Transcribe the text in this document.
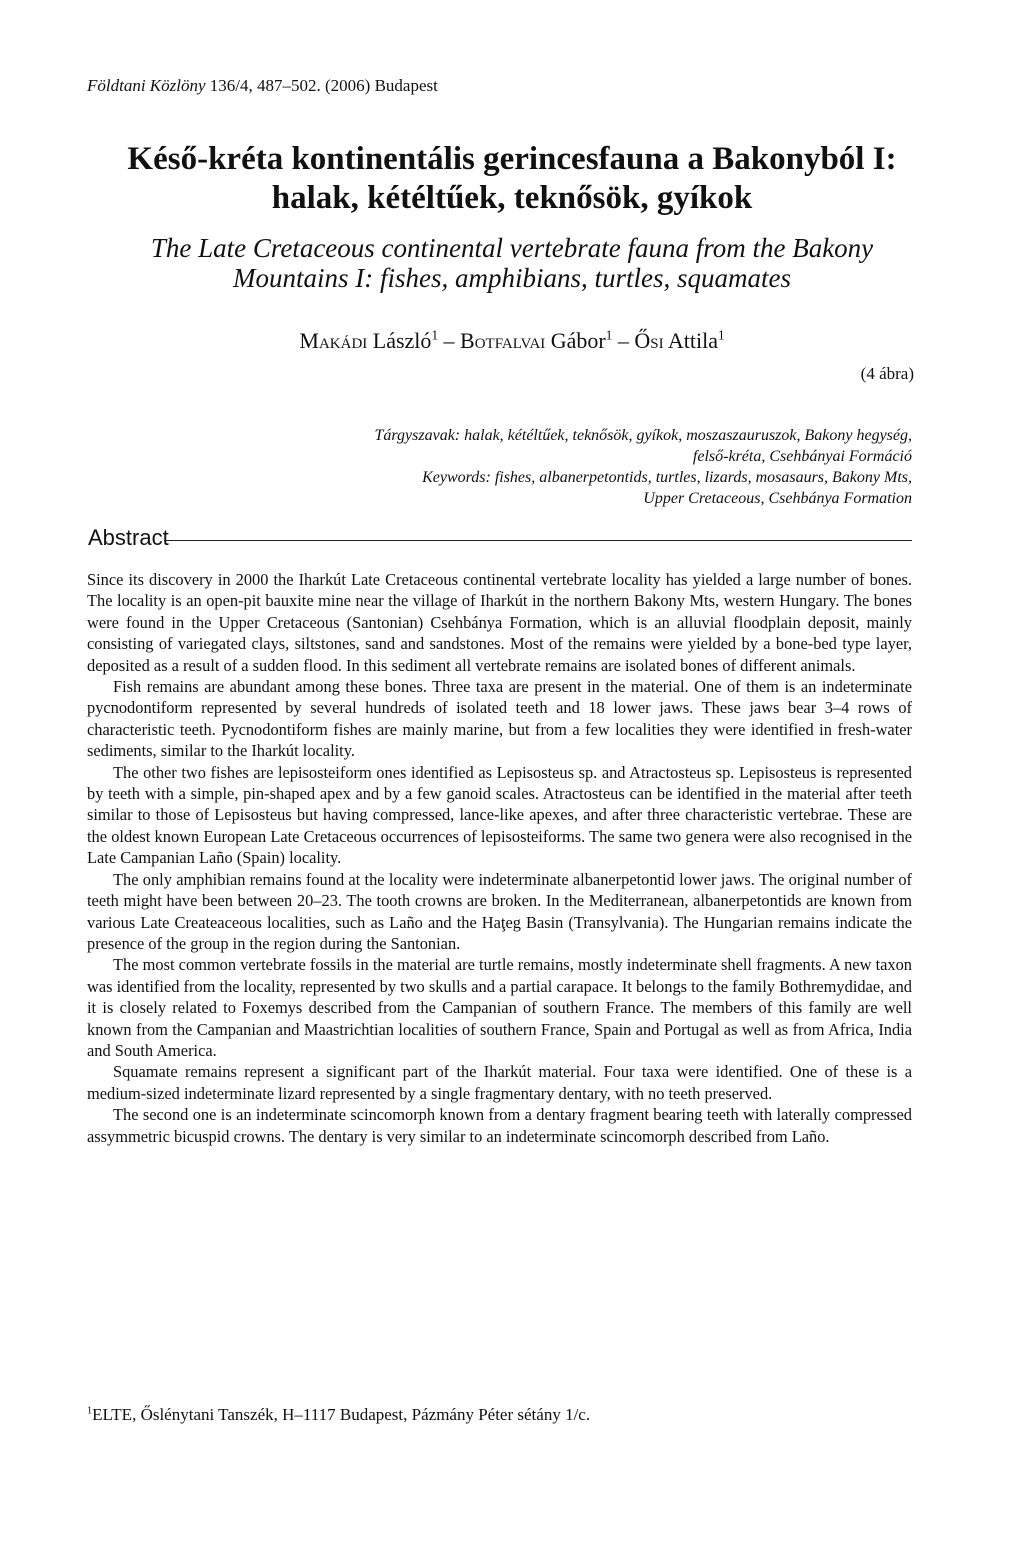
Földtani Közlöny 136/4, 487–502. (2006) Budapest
Késő-kréta kontinentális gerincesfauna a Bakonyból I:
halak, kétéltűek, teknősök, gyíkok
The Late Cretaceous continental vertebrate fauna from the Bakony
Mountains I: fishes, amphibians, turtles, squamates
Makádi László$^1$ – Botfalvai Gábor$^1$ – Ősi Attila$^1$
(4 ábra)
Tárgyszavak: halak, kétéltűek, teknősök, gyíkok, moszaszauruszok, Bakony hegység,
felső-kréta, Csehbányai Formáció
Keywords: fishes, albanerpetontids, turtles, lizards, mosasaurs, Bakony Mts,
Upper Cretaceous, Csehbánya Formation
Abstract

Since its discovery in 2000 the Iharkút Late Cretaceous continental vertebrate locality has yielded a large number of bones. The locality is an open-pit bauxite mine near the village of Iharkút in the northern Bakony Mts, western Hungary. The bones were found in the Upper Cretaceous (Santonian) Csehbánya Formation, which is an alluvial floodplain deposit, mainly consisting of variegated clays, siltstones, sand and sandstones. Most of the remains were yielded by a bone-bed type layer, deposited as a result of a sudden flood. In this sediment all vertebrate remains are isolated bones of different animals.

Fish remains are abundant among these bones. Three taxa are present in the material. One of them is an indeterminate pycnodontiform represented by several hundreds of isolated teeth and 18 lower jaws. These jaws bear 3–4 rows of characteristic teeth. Pycnodontiform fishes are mainly marine, but from a few localities they were identified in fresh-water sediments, similar to the Iharkút locality.

The other two fishes are lepisosteiform ones identified as Lepisosteus sp. and Atractosteus sp. Lepisosteus is represented by teeth with a simple, pin-shaped apex and by a few ganoid scales. Atractosteus can be identified in the material after teeth similar to those of Lepisosteus but having compressed, lance-like apexes, and after three characteristic vertebrae. These are the oldest known European Late Cretaceous occurrences of lepisosteiforms. The same two genera were also recognised in the Late Campanian Laño (Spain) locality.

The only amphibian remains found at the locality were indeterminate albanerpetontid lower jaws. The original number of teeth might have been between 20–23. The tooth crowns are broken. In the Mediterranean, albanerpetontids are known from various Late Createaceous localities, such as Laño and the Haţeg Basin (Transylvania). The Hungarian remains indicate the presence of the group in the region during the Santonian.

The most common vertebrate fossils in the material are turtle remains, mostly indeterminate shell fragments. A new taxon was identified from the locality, represented by two skulls and a partial carapace. It belongs to the family Bothremydidae, and it is closely related to Foxemys described from the Campanian of southern France. The members of this family are well known from the Campanian and Maastrichtian localities of southern France, Spain and Portugal as well as from Africa, India and South America.

Squamate remains represent a significant part of the Iharkút material. Four taxa were identified. One of these is a medium-sized indeterminate lizard represented by a single fragmentary dentary, with no teeth preserved.

The second one is an indeterminate scincomorph known from a dentary fragment bearing teeth with laterally compressed assymmetric bicuspid crowns. The dentary is very similar to an indeterminate scincomorph described from Laño.

$^1$ELTE, Őslénytani Tanszék, H–1117 Budapest, Pázmány Péter sétány 1/c.
